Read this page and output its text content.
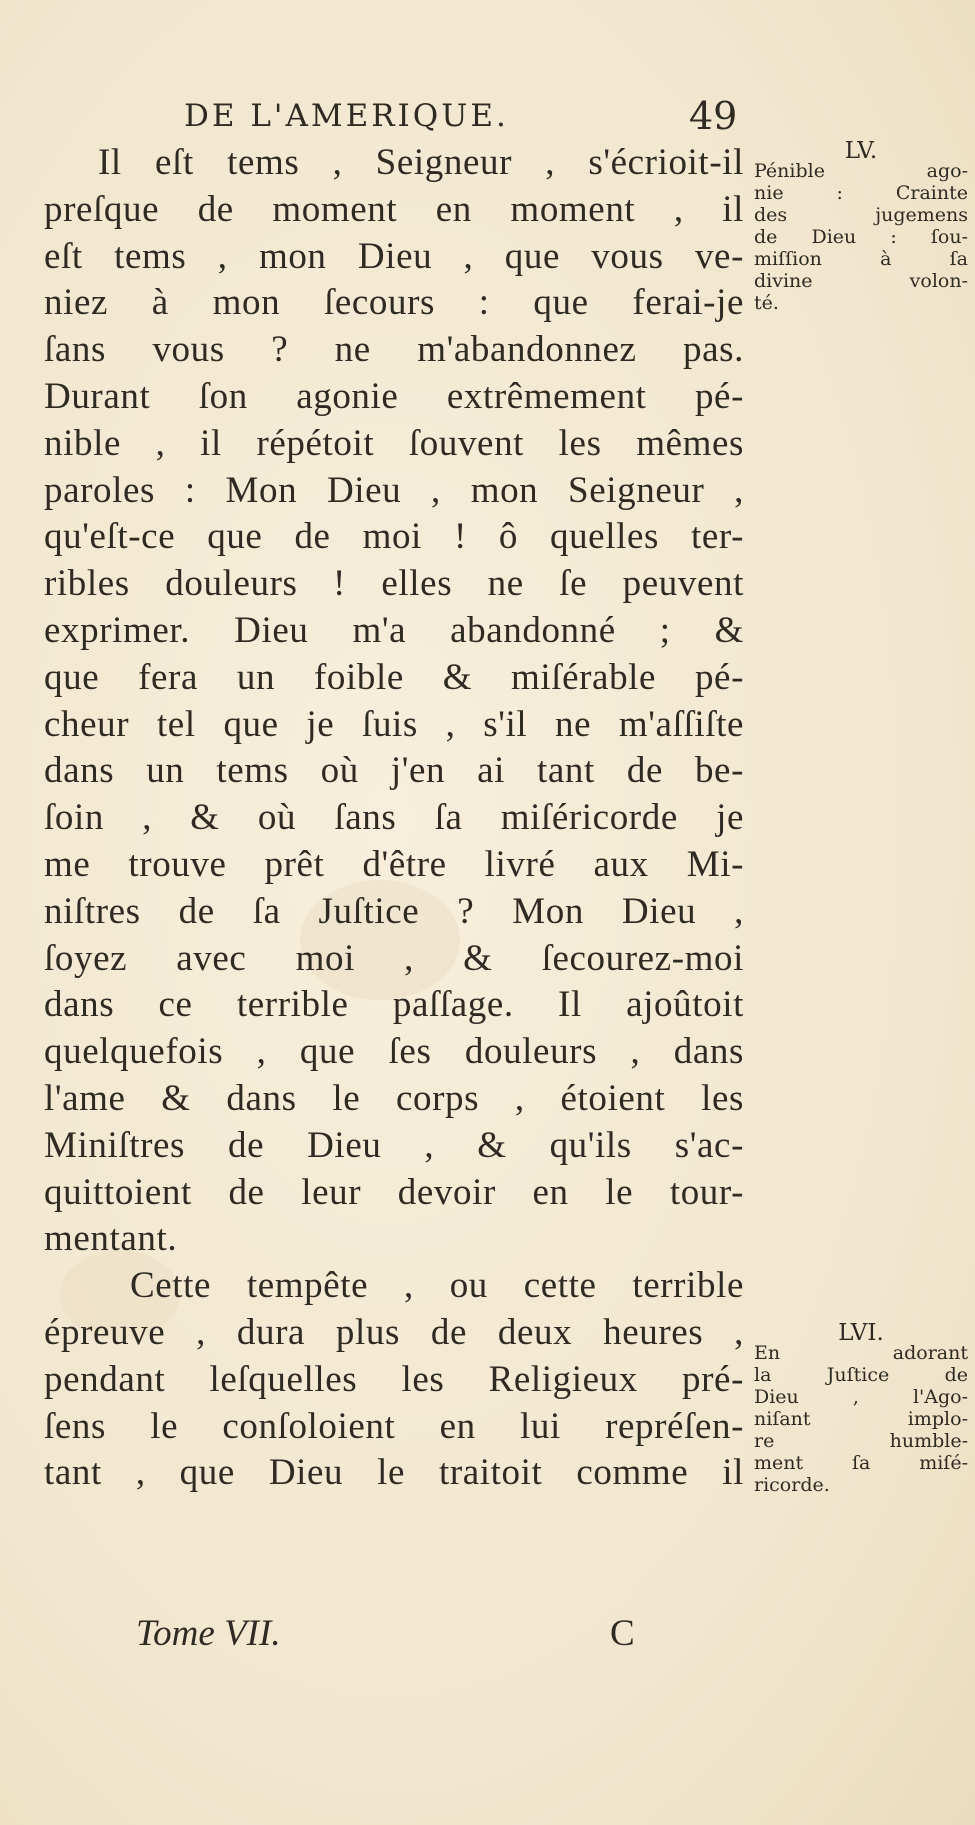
DE L'AMERIQUE.	49
Il eſt tems , Seigneur , s'écrioit-il
preſque de moment en moment , il
eſt tems , mon Dieu , que vous ve-
niez à mon ſecours : que ferai-je
ſans vous ? ne m'abandonnez pas.
Durant ſon agonie extrêmement pé-
nible , il répétoit ſouvent les mêmes
paroles : Mon Dieu , mon Seigneur ,
qu'eſt-ce que de moi ! ô quelles ter-
ribles douleurs ! elles ne ſe peuvent
exprimer. Dieu m'a abandonné ; &
que fera un foible & miſérable pé-
cheur tel que je ſuis , s'il ne m'aſſiſte
dans un tems où j'en ai tant de be-
ſoin , & où ſans ſa miſéricorde je
me trouve prêt d'être livré aux Mi-
niſtres de ſa Juſtice ? Mon Dieu ,
ſoyez avec moi , & ſecourez-moi
dans ce terrible paſſage. Il ajoûtoit
quelquefois , que ſes douleurs , dans
l'ame & dans le corps , étoient les
Miniſtres de Dieu , & qu'ils s'ac-
quittoient de leur devoir en le tour-
mentant.
Cette tempête , ou cette terrible
épreuve , dura plus de deux heures ,
pendant leſquelles les Religieux pré-
ſens le conſoloient en lui repréſen-
tant , que Dieu le traitoit comme il
LV.
Pénible ago-
nie : Crainte
des jugemens
de Dieu : ſou-
miſſion à ſa
divine volon-
té.
LVI.
En adorant
la Juſtice de
Dieu , l'Ago-
niſant implo-
re humble-
ment ſa miſé-
ricorde.
Tome VII.	C
